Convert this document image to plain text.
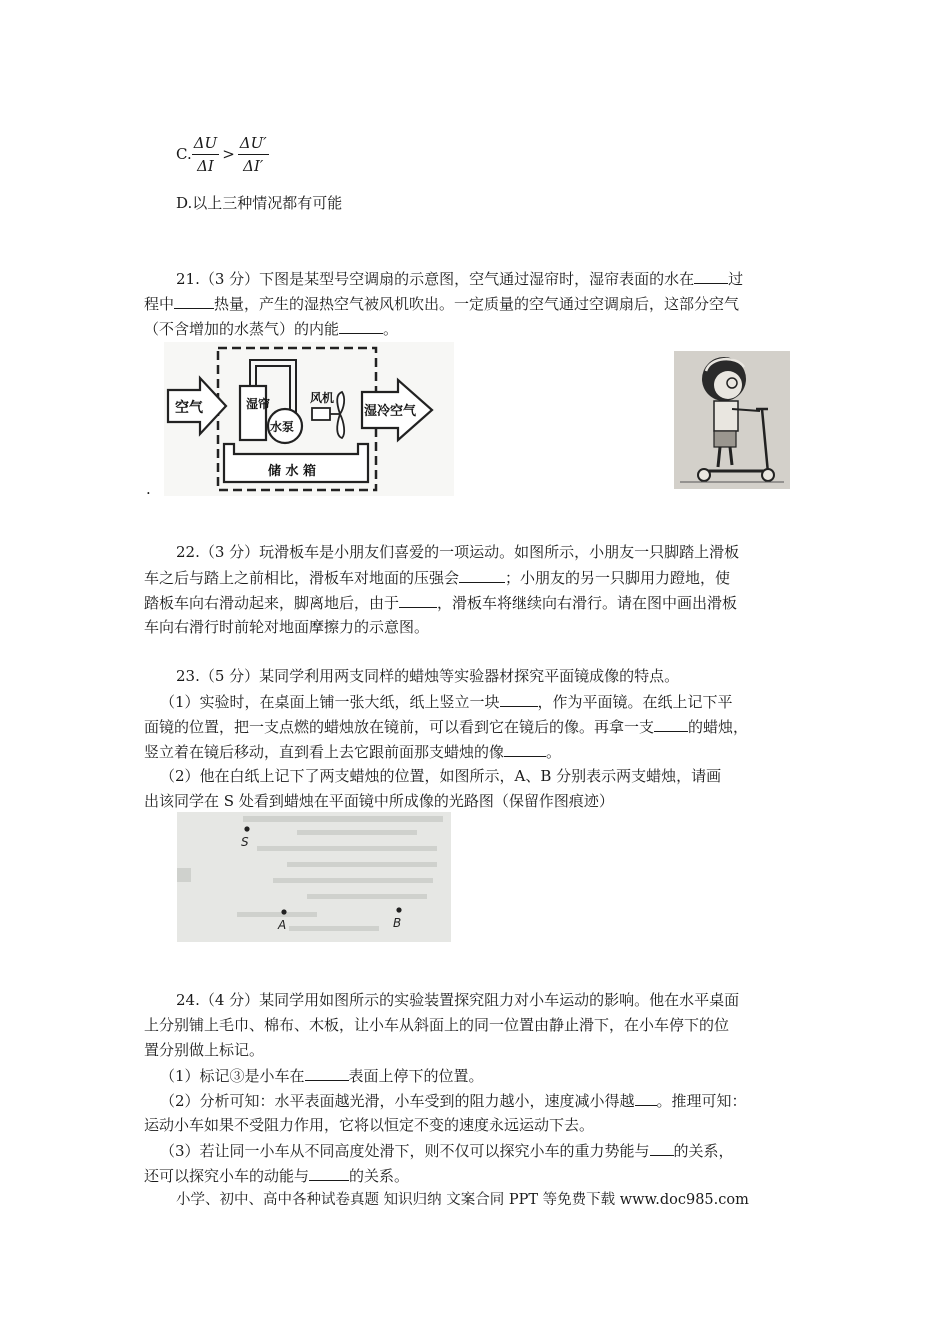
C. $\frac{\Delta U}{\Delta I} > \frac{\Delta U'}{\Delta I'}$
D.以上三种情况都有可能
21.（3 分）下图是某型号空调扇的示意图，空气通过湿帘时，湿帘表面的水在 过
程中	热量，产生的湿热空气被风机吹出。一定质量的空气通过空调扇后，这部分空气
（不含增加的水蒸气）的内能	。
空气	湿帘
水泵
风机
湿冷空气
储 水 箱
.
22.（3 分）玩滑板车是小朋友们喜爱的一项运动。如图所示，小朋友一只脚踏上滑板
车之后与踏上之前相比，滑板车对地面的压强会	；小朋友的另一只脚用力蹬地，使
踏板车向右滑动起来，脚离地后，由于	，滑板车将继续向右滑行。请在图中画出滑板
车向右滑行时前轮对地面摩擦力的示意图。
23.（5 分）某同学利用两支同样的蜡烛等实验器材探究平面镜成像的特点。
（1）实验时，在桌面上铺一张大纸，纸上竖立一块	，作为平面镜。在纸上记下平
面镜的位置，把一支点燃的蜡烛放在镜前，可以看到它在镜后的像。再拿一支 的蜡烛，
竖立着在镜后移动，直到看上去它跟前面那支蜡烛的像	。
（2）他在白纸上记下了两支蜡烛的位置，如图所示，A、B 分别表示两支蜡烛，请画
出该同学在 S 处看到蜡烛在平面镜中所成像的光路图（保留作图痕迹）
S
A	B
24.（4 分）某同学用如图所示的实验装置探究阻力对小车运动的影响。他在水平桌面
上分别铺上毛巾、棉布、木板，让小车从斜面上的同一位置由静止滑下，在小车停下的位
置分别做上标记。
（1）标记③是小车在	表面上停下的位置。
（2）分析可知：水平表面越光滑，小车受到的阻力越小，速度减小得越 。推理可知：
运动小车如果不受阻力作用，它将以恒定不变的速度永远运动下去。
（3）若让同一小车从不同高度处滑下，则不仅可以探究小车的重力势能与 的关系，
还可以探究小车的动能与	的关系。
小学、初中、高中各种试卷真题 知识归纳 文案合同 PPT 等免费下载 www.doc985.com
